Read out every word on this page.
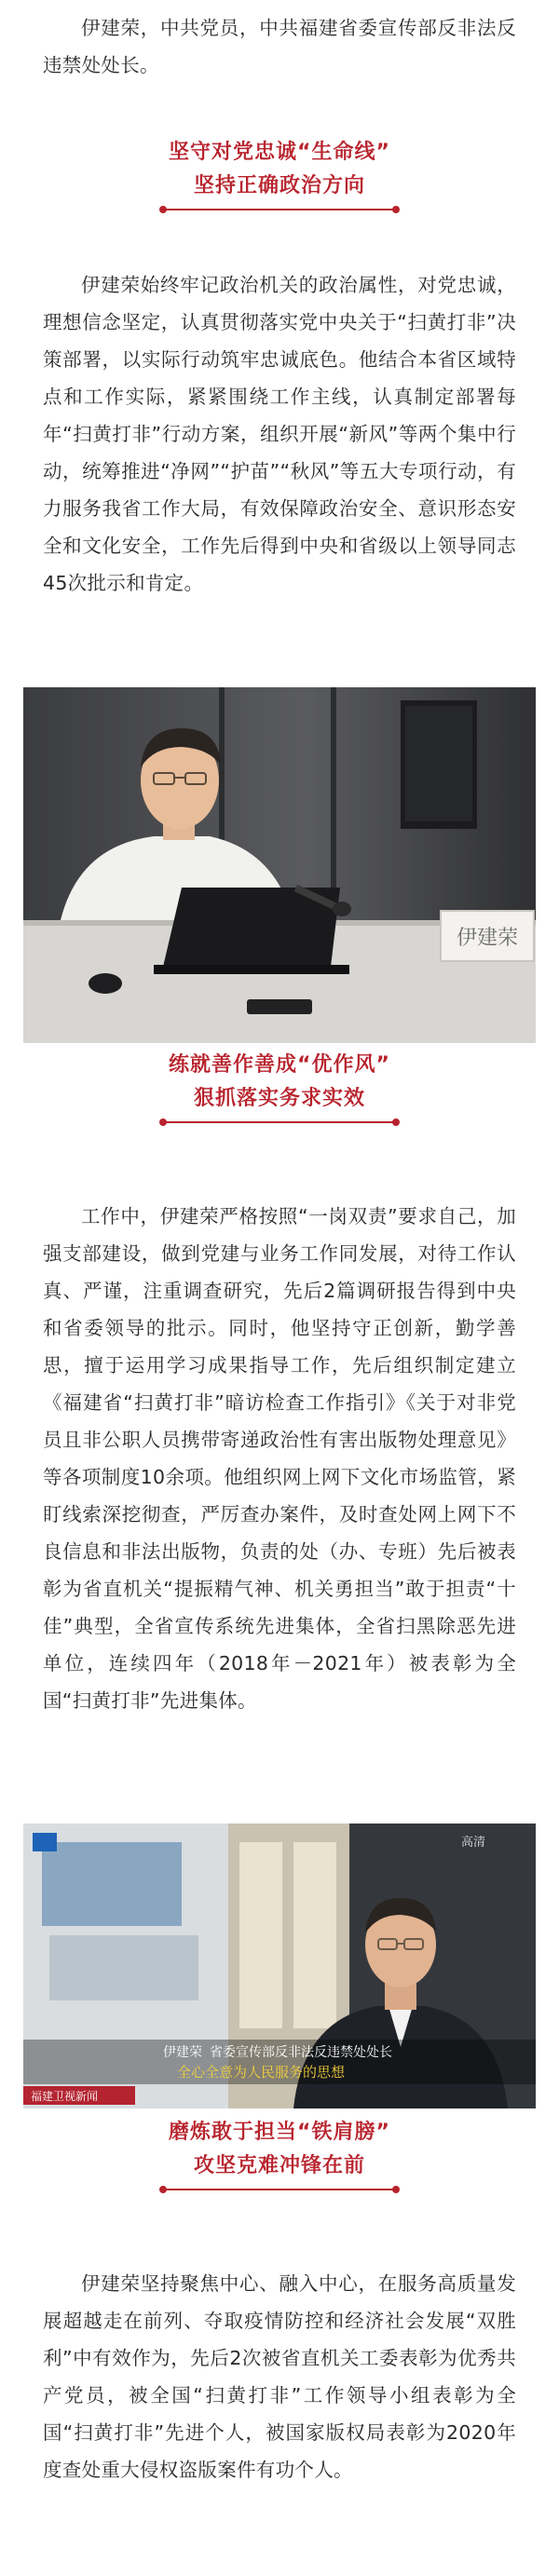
伊建荣，中共党员，中共福建省委宣传部反非法反违禁处处长。

坚守对党忠诚“生命线”
坚持正确政治方向

伊建荣始终牢记政治机关的政治属性，对党忠诚，理想信念坚定，认真贯彻落实党中央关于“扫黄打非”决策部署，以实际行动筑牢忠诚底色。他结合本省区域特点和工作实际，紧紧围绕工作主线，认真制定部署每年“扫黄打非”行动方案，组织开展“新风”等两个集中行动，统筹推进“净网”“护苗”“秋风”等五大专项行动，有力服务我省工作大局，有效保障政治安全、意识形态安全和文化安全，工作先后得到中央和省级以上领导同志45次批示和肯定。

伊建荣
练就善作善成“优作风”
狠抓落实务求实效

工作中，伊建荣严格按照“一岗双责”要求自己，加强支部建设，做到党建与业务工作同发展，对待工作认真、严谨，注重调查研究，先后2篇调研报告得到中央和省委领导的批示。同时，他坚持守正创新，勤学善思，擅于运用学习成果指导工作，先后组织制定建立《福建省“扫黄打非”暗访检查工作指引》《关于对非党员且非公职人员携带寄递政治性有害出版物处理意见》等各项制度10余项。他组织网上网下文化市场监管，紧盯线索深挖彻查，严厉查办案件，及时查处网上网下不良信息和非法出版物，负责的处（办、专班）先后被表彰为省直机关“提振精气神、机关勇担当”敢于担责“十佳”典型，全省宣传系统先进集体，全省扫黑除恶先进单位，连续四年（2018年－2021年）被表彰为全国“扫黄打非”先进集体。

高清
伊建荣 省委宣传部反非法反违禁处处长
全心全意为人民服务的思想
福建卫视新闻
磨炼敢于担当“铁肩膀”
攻坚克难冲锋在前

伊建荣坚持聚焦中心、融入中心，在服务高质量发展超越走在前列、夺取疫情防控和经济社会发展“双胜利”中有效作为，先后2次被省直机关工委表彰为优秀共产党员，被全国“扫黄打非”工作领导小组表彰为全国“扫黄打非”先进个人，被国家版权局表彰为2020年度查处重大侵权盗版案件有功个人。
